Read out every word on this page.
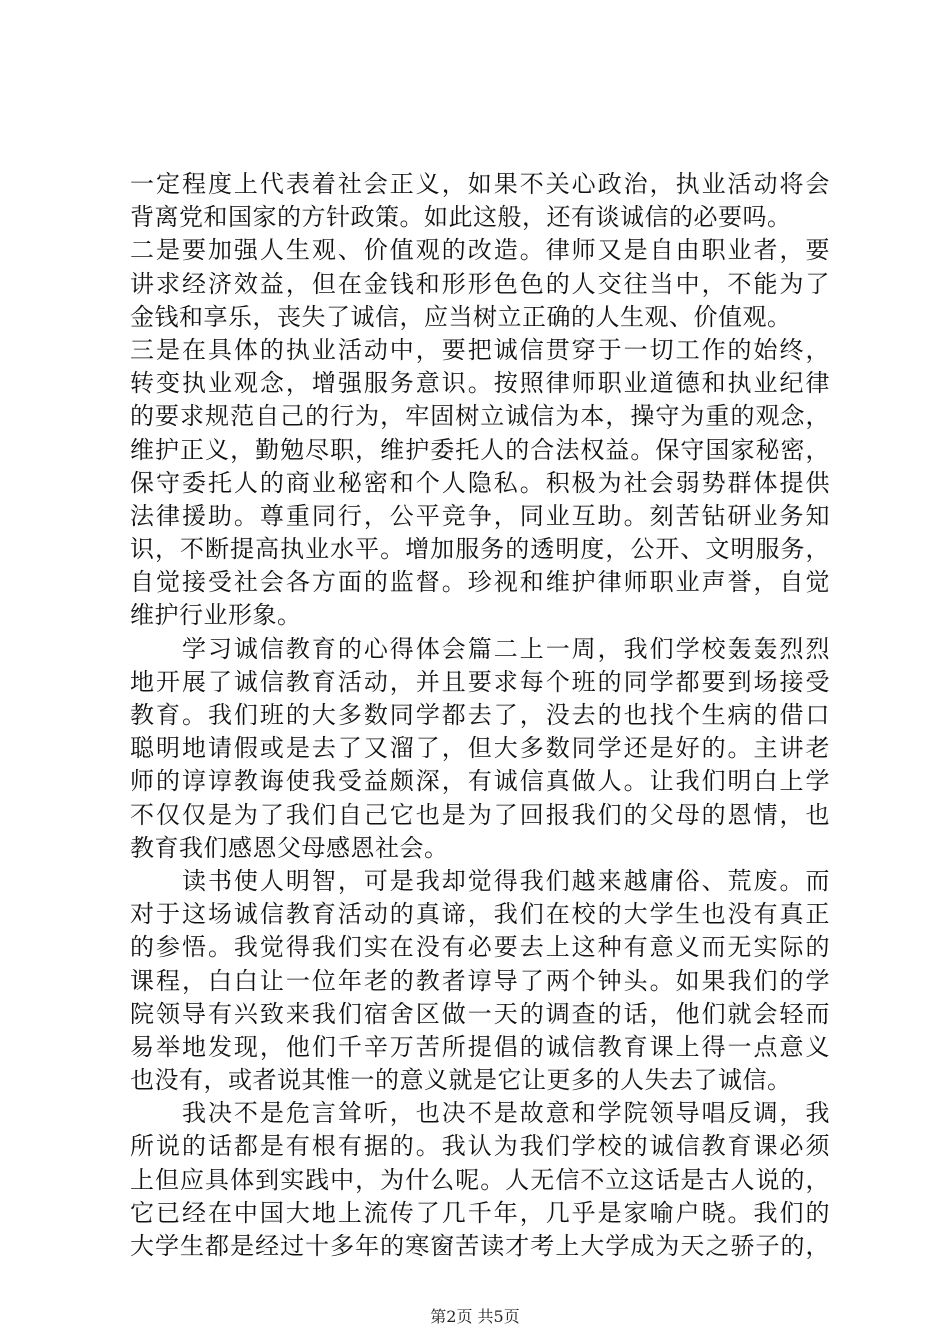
一定程度上代表着社会正义，如果不关心政治，执业活动将会
背离党和国家的方针政策。如此这般，还有谈诚信的必要吗。
二是要加强人生观、价值观的改造。律师又是自由职业者，要
讲求经济效益，但在金钱和形形色色的人交往当中，不能为了
金钱和享乐，丧失了诚信，应当树立正确的人生观、价值观。
三是在具体的执业活动中，要把诚信贯穿于一切工作的始终，
转变执业观念，增强服务意识。按照律师职业道德和执业纪律
的要求规范自己的行为，牢固树立诚信为本，操守为重的观念，
维护正义，勤勉尽职，维护委托人的合法权益。保守国家秘密，
保守委托人的商业秘密和个人隐私。积极为社会弱势群体提供
法律援助。尊重同行，公平竞争，同业互助。刻苦钻研业务知
识，不断提高执业水平。增加服务的透明度，公开、文明服务，
自觉接受社会各方面的监督。珍视和维护律师职业声誉，自觉
维护行业形象。
　　学习诚信教育的心得体会篇二上一周，我们学校轰轰烈烈
地开展了诚信教育活动，并且要求每个班的同学都要到场接受
教育。我们班的大多数同学都去了，没去的也找个生病的借口
聪明地请假或是去了又溜了，但大多数同学还是好的。主讲老
师的谆谆教诲使我受益颇深，有诚信真做人。让我们明白上学
不仅仅是为了我们自己它也是为了回报我们的父母的恩情，也
教育我们感恩父母感恩社会。
　　读书使人明智，可是我却觉得我们越来越庸俗、荒废。而
对于这场诚信教育活动的真谛，我们在校的大学生也没有真正
的参悟。我觉得我们实在没有必要去上这种有意义而无实际的
课程，白白让一位年老的教者谆导了两个钟头。如果我们的学
院领导有兴致来我们宿舍区做一天的调查的话，他们就会轻而
易举地发现，他们千辛万苦所提倡的诚信教育课上得一点意义
也没有，或者说其惟一的意义就是它让更多的人失去了诚信。
　　我决不是危言耸听，也决不是故意和学院领导唱反调，我
所说的话都是有根有据的。我认为我们学校的诚信教育课必须
上但应具体到实践中，为什么呢。人无信不立这话是古人说的，
它已经在中国大地上流传了几千年，几乎是家喻户晓。我们的
大学生都是经过十多年的寒窗苦读才考上大学成为天之骄子的，
第2页 共5页
